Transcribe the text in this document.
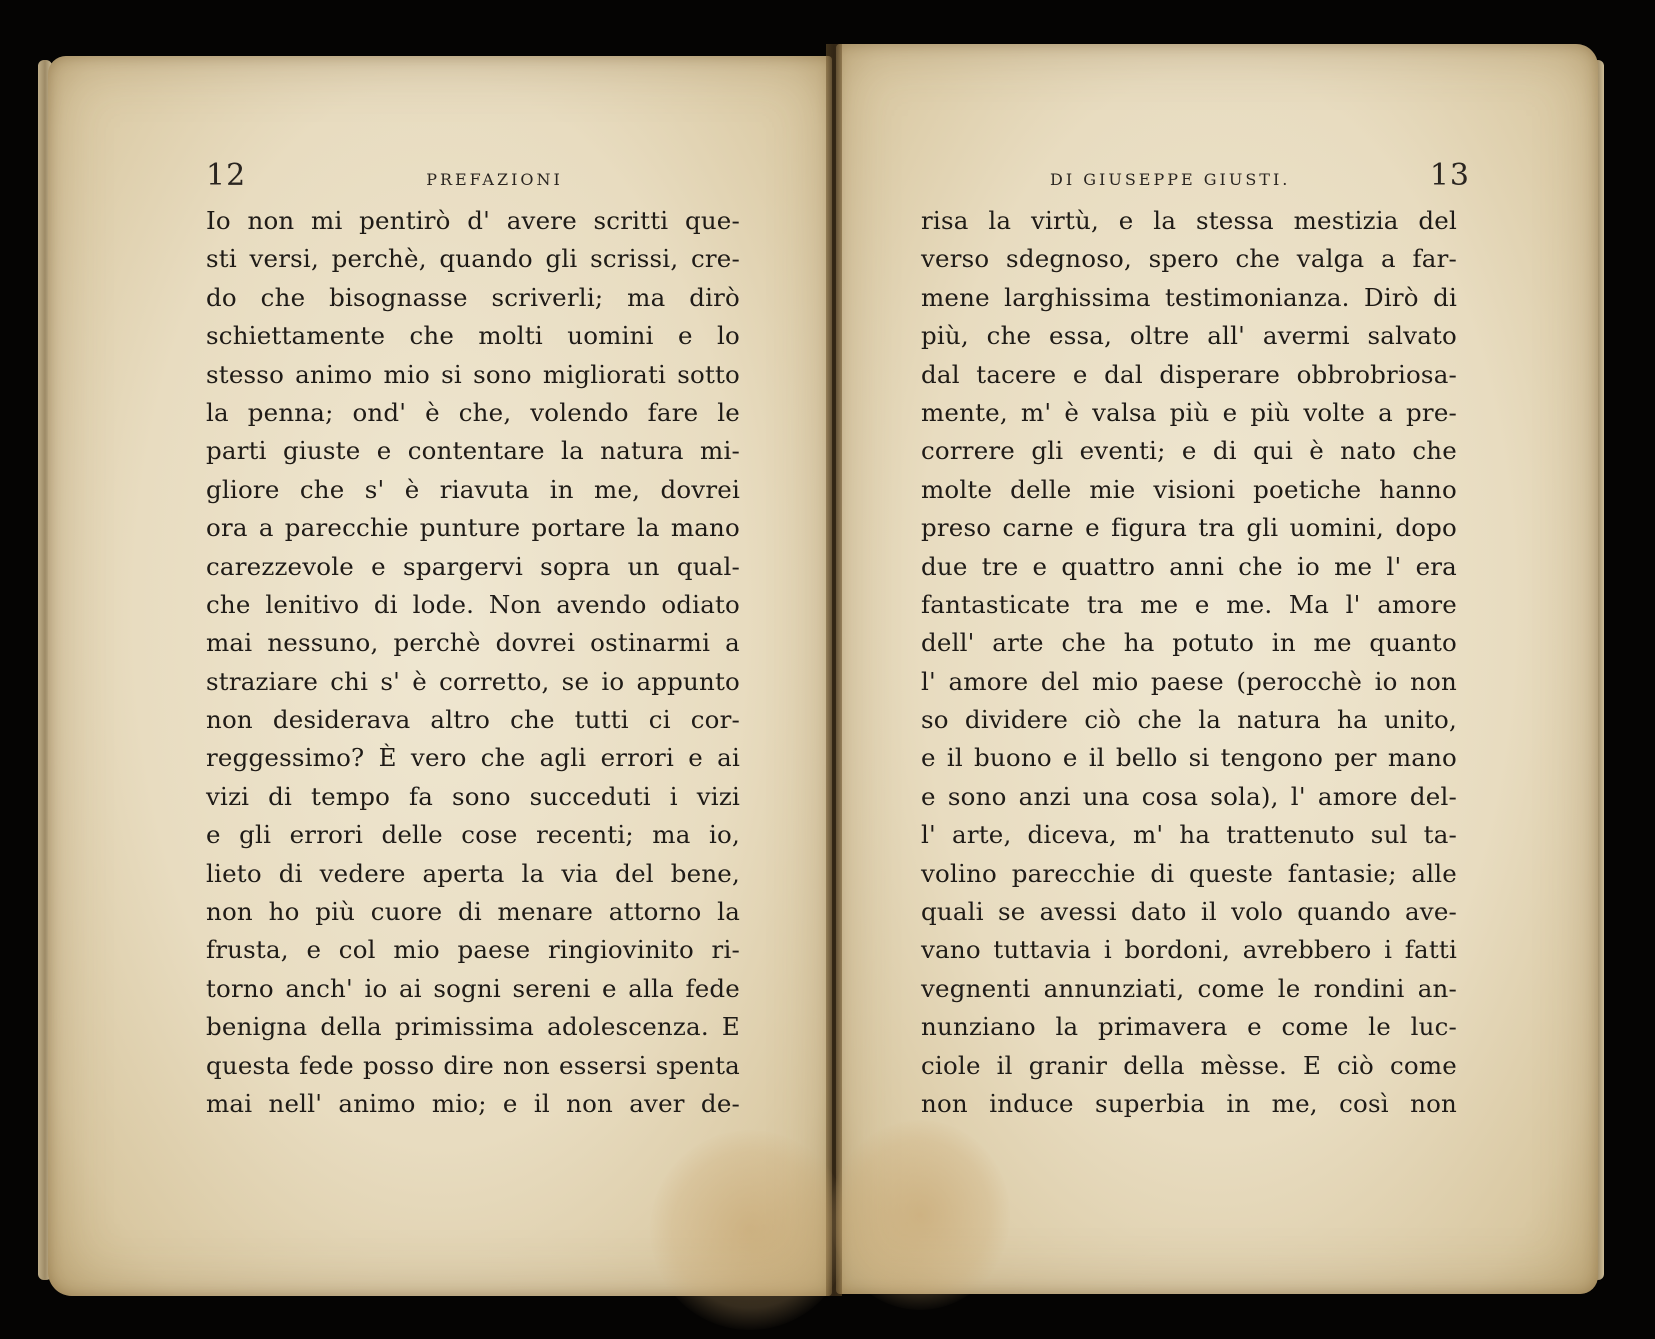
12	PREFAZIONI	DI GIUSEPPE GIUSTI.	13
Io non mi pentirò d' avere scritti que-
sti versi, perchè, quando gli scrissi, cre-
do che bisognasse scriverli; ma dirò
schiettamente che molti uomini e lo
stesso animo mio si sono migliorati sotto
la penna; ond' è che, volendo fare le
parti giuste e contentare la natura mi-
gliore che s' è riavuta in me, dovrei
ora a parecchie punture portare la mano
carezzevole e spargervi sopra un qual-
che lenitivo di lode. Non avendo odiato
mai nessuno, perchè dovrei ostinarmi a
straziare chi s' è corretto, se io appunto
non desiderava altro che tutti ci cor-
reggessimo? È vero che agli errori e ai
vizi di tempo fa sono succeduti i vizi
e gli errori delle cose recenti; ma io,
lieto di vedere aperta la via del bene,
non ho più cuore di menare attorno la
frusta, e col mio paese ringiovinito ri-
torno anch' io ai sogni sereni e alla fede
benigna della primissima adolescenza. E
questa fede posso dire non essersi spenta
mai nell' animo mio; e il non aver de-
risa la virtù, e la stessa mestizia del
verso sdegnoso, spero che valga a far-
mene larghissima testimonianza. Dirò di
più, che essa, oltre all' avermi salvato
dal tacere e dal disperare obbrobriosa-
mente, m' è valsa più e più volte a pre-
correre gli eventi; e di qui è nato che
molte delle mie visioni poetiche hanno
preso carne e figura tra gli uomini, dopo
due tre e quattro anni che io me l' era
fantasticate tra me e me. Ma l' amore
dell' arte che ha potuto in me quanto
l' amore del mio paese (perocchè io non
so dividere ciò che la natura ha unito,
e il buono e il bello si tengono per mano
e sono anzi una cosa sola), l' amore del-
l' arte, diceva, m' ha trattenuto sul ta-
volino parecchie di queste fantasie; alle
quali se avessi dato il volo quando ave-
vano tuttavia i bordoni, avrebbero i fatti
vegnenti annunziati, come le rondini an-
nunziano la primavera e come le luc-
ciole il granir della mèsse. E ciò come
non induce superbia in me, così non
